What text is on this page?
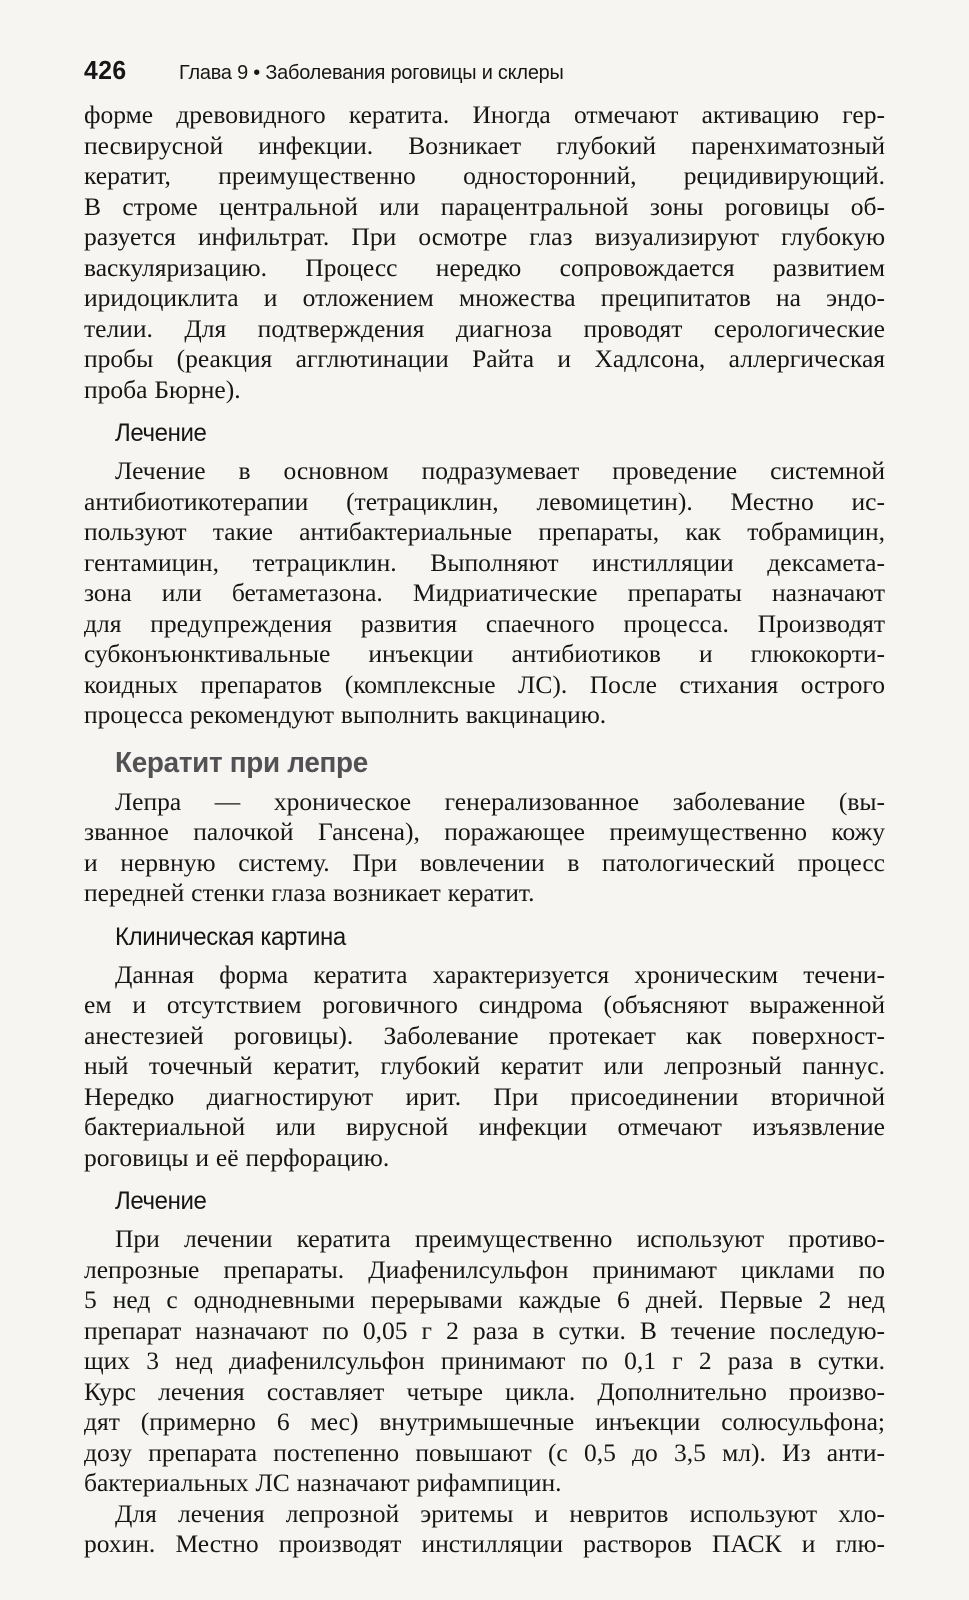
426	Глава 9 • Заболевания роговицы и склеры
форме древовидного кератита. Иногда отмечают активацию гер-
песвирусной инфекции. Возникает глубокий паренхиматозный
кератит, преимущественно односторонний, рецидивирующий.
В строме центральной или парацентральной зоны роговицы об-
разуется инфильтрат. При осмотре глаз визуализируют глубокую
васкуляризацию. Процесс нередко сопровождается развитием
иридоциклита и отложением множества преципитатов на эндо-
телии. Для подтверждения диагноза проводят серологические
пробы (реакция агглютинации Райта и Хадлсона, аллергическая
проба Бюрне).
Лечение
Лечение в основном подразумевает проведение системной
антибиотикотерапии (тетрациклин, левомицетин). Местно ис-
пользуют такие антибактериальные препараты, как тобрамицин,
гентамицин, тетрациклин. Выполняют инстилляции дексамета-
зона или бетаметазона. Мидриатические препараты назначают
для предупреждения развития спаечного процесса. Производят
субконъюнктивальные инъекции антибиотиков и глюкокорти-
коидных препаратов (комплексные ЛС). После стихания острого
процесса рекомендуют выполнить вакцинацию.
Кератит при лепре
Лепра — хроническое генерализованное заболевание (вы-
званное палочкой Гансена), поражающее преимущественно кожу
и нервную систему. При вовлечении в патологический процесс
передней стенки глаза возникает кератит.
Клиническая картина
Данная форма кератита характеризуется хроническим течени-
ем и отсутствием роговичного синдрома (объясняют выраженной
анестезией роговицы). Заболевание протекает как поверхност-
ный точечный кератит, глубокий кератит или лепрозный паннус.
Нередко диагностируют ирит. При присоединении вторичной
бактериальной или вирусной инфекции отмечают изъязвление
роговицы и её перфорацию.
Лечение
При лечении кератита преимущественно используют противо-
лепрозные препараты. Диафенилсульфон принимают циклами по
5 нед с однодневными перерывами каждые 6 дней. Первые 2 нед
препарат назначают по 0,05 г 2 раза в сутки. В течение последую-
щих 3 нед диафенилсульфон принимают по 0,1 г 2 раза в сутки.
Курс лечения составляет четыре цикла. Дополнительно произво-
дят (примерно 6 мес) внутримышечные инъекции солюсульфона;
дозу препарата постепенно повышают (с 0,5 до 3,5 мл). Из анти-
бактериальных ЛС назначают рифампицин.
Для лечения лепрозной эритемы и невритов используют хло-
рохин. Местно производят инстилляции растворов ПАСК и глю-
